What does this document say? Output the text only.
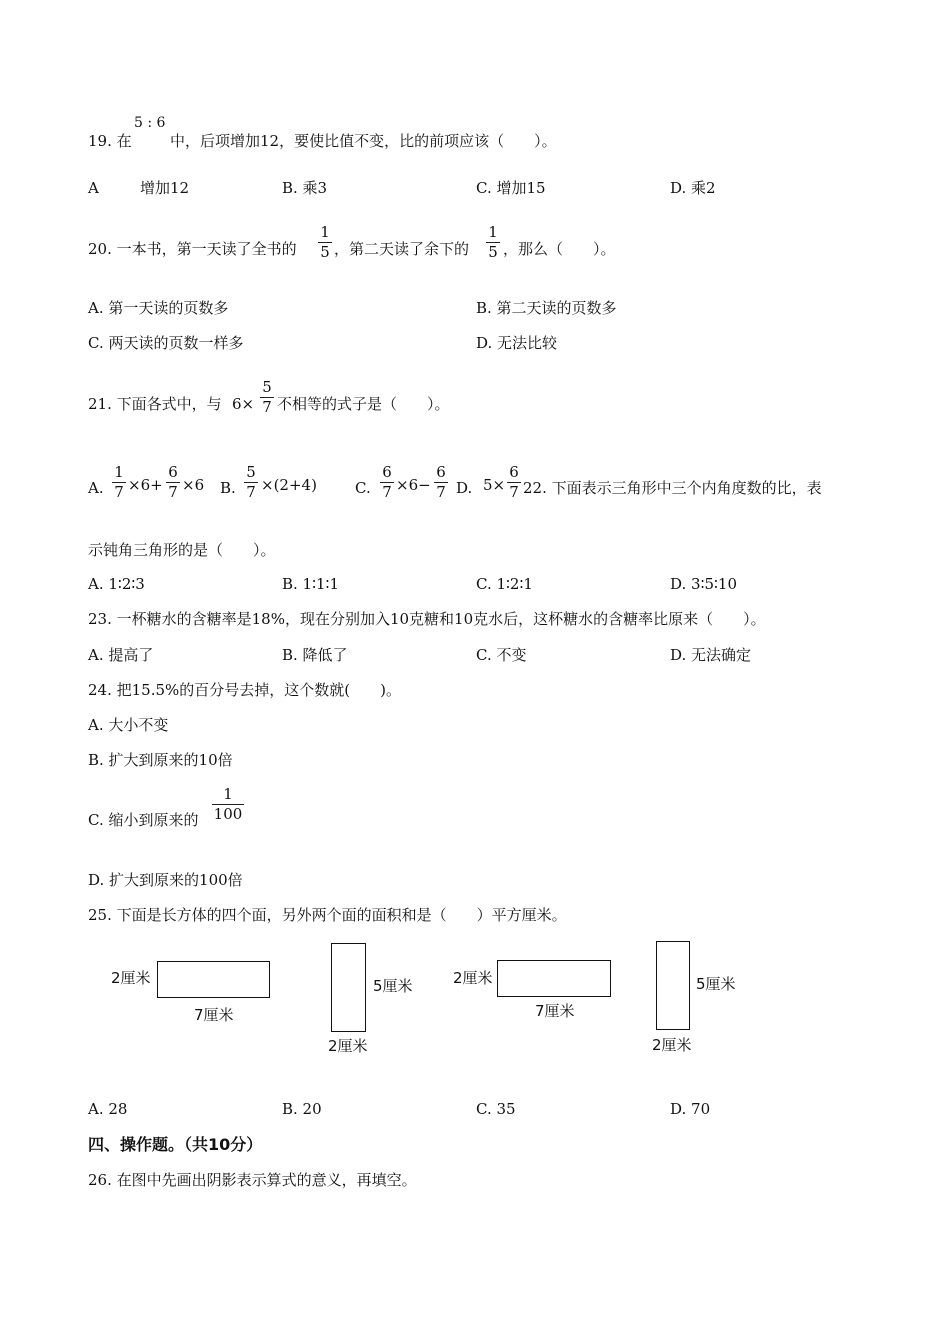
19. 在
5 : 6
中，后项增加12，要使比值不变，比的前项应该（　　）。
A	增加12	B. 乘3	C. 增加15	D. 乘2
20. 一本书，第一天读了全书的
1
5 ，第二天读了余下的
1
5 ，那么（　　）。
A. 第一天读的页数多	B. 第二天读的页数多
C. 两天读的页数一样多	D. 无法比较
21. 下面各式中，与 6×
5
7 不相等的式子是（　　）。
A.
1
7 ×6+
6
7 ×6 B.
5
7 ×(2+4)	C.
6
7 ×6−
6
7 D. 5×
6
7 22. 下面表示三角形中三个内角度数的比，表
示钝角三角形的是（　　）。
A. 1∶2∶3	B. 1∶1∶1	C. 1∶2∶1	D. 3∶5∶10
23. 一杯糖水的含糖率是18%，现在分别加入10克糖和10克水后，这杯糖水的含糖率比原来（　　）。
A. 提高了	B. 降低了	C. 不变	D. 无法确定
24. 把15.5%的百分号去掉，这个数就(　　)。
A. 大小不变
B. 扩大到原来的10倍
C. 缩小到原来的
1
100
D. 扩大到原来的100倍
25. 下面是长方体的四个面，另外两个面的面积和是（　　）平方厘米。
2厘米
7厘米
5厘米
2厘米
2厘米
7厘米
5厘米
2厘米
A. 28	B. 20	C. 35	D. 70
四、操作题。（共10分）
26. 在图中先画出阴影表示算式的意义，再填空。
